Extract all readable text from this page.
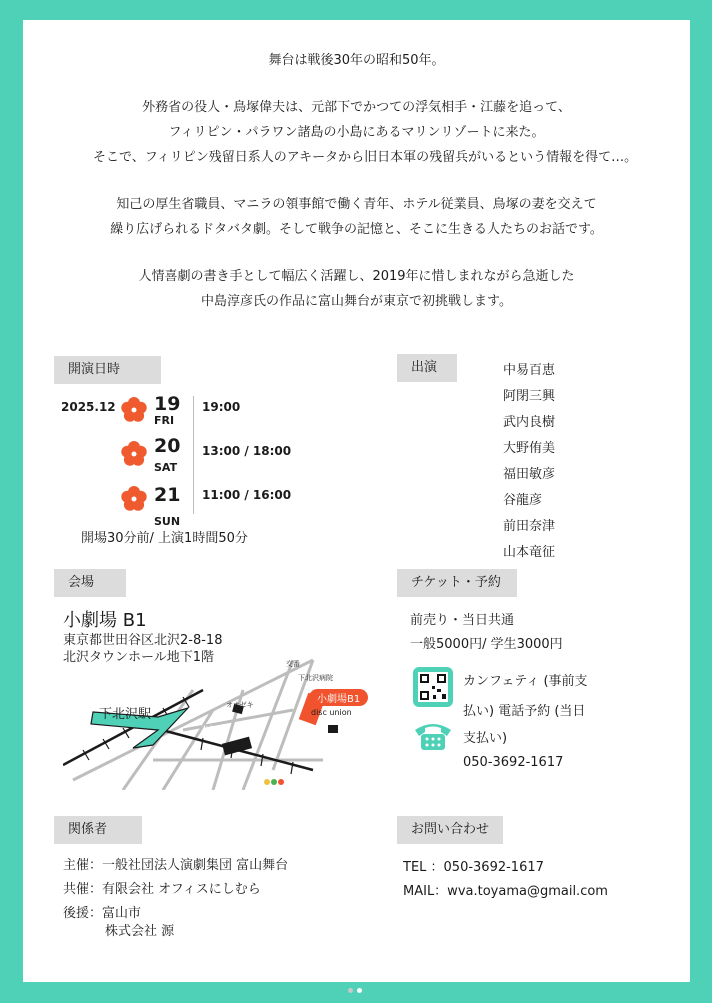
舞台は戦後30年の昭和50年。

外務省の役人・鳥塚偉夫は、元部下でかつての浮気相手・江藤を追って、

フィリピン・パラワン諸島の小島にあるマリンリゾートに来た。

そこで、フィリピン残留日系人のアキータから旧日本軍の残留兵がいるという情報を得て…。

知己の厚生省職員、マニラの領事館で働く青年、ホテル従業員、鳥塚の妻を交えて

繰り広げられるドタバタ劇。そして戦争の記憶と、そこに生きる人たちのお話です。

人情喜劇の書き手として幅広く活躍し、2019年に惜しまれながら急逝した

中島淳彦氏の作品に富山舞台が東京で初挑戦します。

開演日時
2025.12 19
FRI
19:00
20
SAT
13:00 / 18:00
21
SUN
11:00 / 16:00
開場30分前/ 上演1時間50分
出演	中易百恵
阿閉三興
武内良樹
大野侑美
福田敏彦
谷龍彦
前田奈津
山本竜征
会場
小劇場 B1
東京都世田谷区北沢2-8-18
北沢タウンホール地下1階
下北沢駅
小劇場B1
交番
下北沢病院
disc union
オオゼキ
本多劇場
チケット・予約
前売り・当日共通
一般5000円/ 学生3000円
カンフェティ (事前支
払い) 電話予約 (当日
支払い)
050-3692-1617
関係者
主催：一般社団法人演劇集団 富山舞台
共催：有限会社 オフィスにしむら
後援：富山市
株式会社 源
お問い合わせ
TEL ：050-3692-1617
MAIL：wva.toyama@gmail.com
